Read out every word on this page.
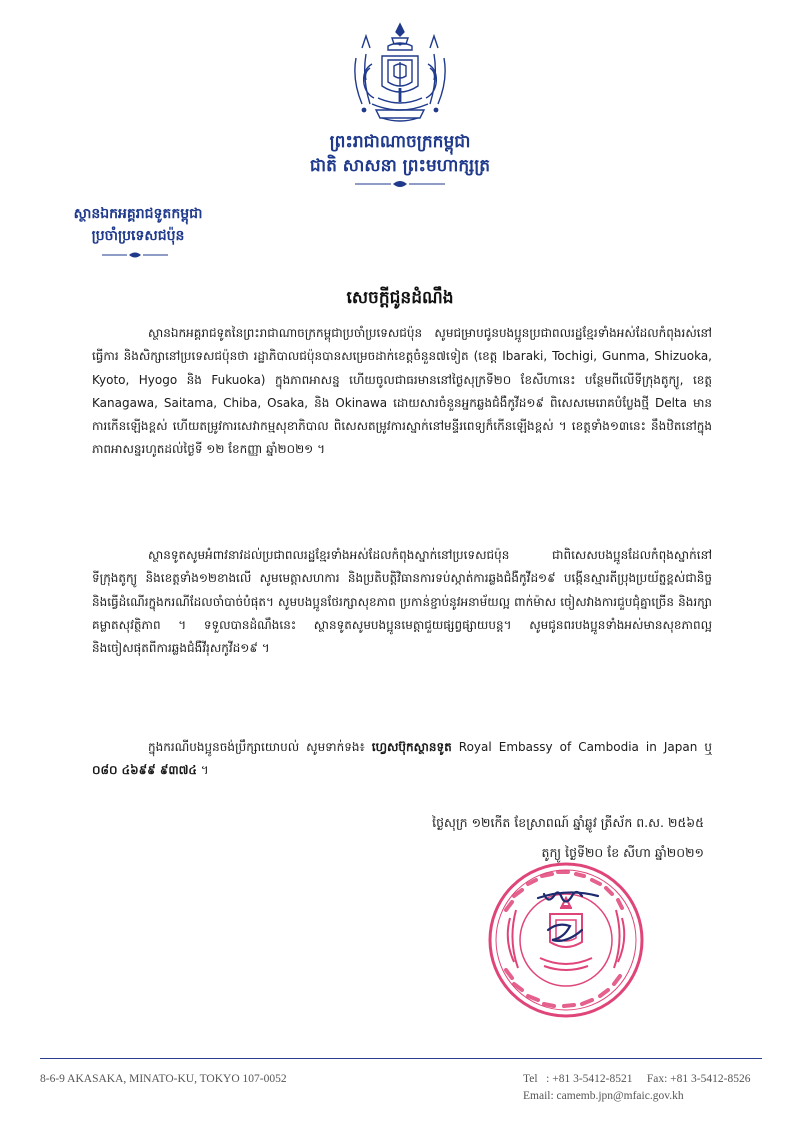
ព្រះរាជាណាចក្រកម្ពុជា
ជាតិ សាសនា ព្រះមហាក្សត្រ
ស្ថានឯកអគ្គរាជទូតកម្ពុជា
ប្រចាំប្រទេសជប៉ុន
សេចក្តីជូនដំណឹង

ស្ថានឯកអគ្គរាជទូតនៃព្រះរាជាណាចក្រកម្ពុជាប្រចាំប្រទេសជប៉ុន សូមជម្រាបជូនបងប្អូនប្រជាពលរដ្ឋខ្មែរទាំងអស់ដែលកំពុងរស់នៅ ធ្វើការ និងសិក្សានៅប្រទេសជប៉ុនថា រដ្ឋាភិបាលជប៉ុនបានសម្រេចដាក់ខេត្តចំនួន៧ទៀត (ខេត្ត Ibaraki, Tochigi, Gunma, Shizuoka, Kyoto, Hyogo និង Fukuoka) ក្នុងភាពអាសន្ន ហើយចូលជាធរមាននៅថ្ងៃសុក្រទី២០ ខែសីហានេះ បន្ថែមពីលើទីក្រុងតូក្យូ, ខេត្ត Kanagawa, Saitama, Chiba, Osaka, និង Okinawa ដោយសារចំនួនអ្នកឆ្លងជំងឺកូវីដ១៩ ពិសេសមេរោគបំប្លែងថ្មី Delta មានការកើនឡើងខ្ពស់ ហើយតម្រូវការសេវាកម្មសុខាភិបាល ពិសេសតម្រូវការស្នាក់នៅមន្ទីរពេទ្យក៏កើនឡើងខ្ពស់ ។ ខេត្តទាំង១៣នេះ នឹងឋិតនៅក្នុងភាពអាសន្នរហូតដល់ថ្ងៃទី ១២ ខែកញ្ញា ឆ្នាំ២០២១ ។

ស្ថានទូតសូមអំពាវនាវដល់ប្រជាពលរដ្ឋខ្មែរទាំងអស់ដែលកំពុងស្នាក់នៅប្រទេសជប៉ុន ជាពិសេសបងប្អូនដែលកំពុងស្នាក់នៅទីក្រុងតូក្យូ និងខេត្តទាំង១២ខាងលើ សូមមេត្តាសហការ និងប្រតិបត្តិវិធានការទប់ស្កាត់ការឆ្លងជំងឺកូវីដ១៩ បង្កើនស្មារតីប្រុងប្រយ័ត្នខ្ពស់ជានិច្ច និងធ្វើដំណើរក្នុងករណីដែលចាំបាច់បំផុត។ សូមបងប្អូនថែរក្សាសុខភាព ប្រកាន់ខ្ជាប់នូវអនាម័យល្អ ពាក់ម៉ាស ចៀសវាងការជួបជុំគ្នាច្រើន និងរក្សាគម្លាតសុវត្ថិភាព ។ ទទួលបានដំណឹងនេះ ស្ថានទូតសូមបងប្អូនមេត្តាជួយផ្សព្វផ្សាយបន្ត។ សូមជូនពរបងប្អូនទាំងអស់មានសុខភាពល្អ និងចៀសផុតពីការឆ្លងជំងឺវីរុសកូវីដ១៩ ។

ក្នុងករណីបងប្អូនចង់ប្រឹក្សាយោបល់ សូមទាក់ទង៖ ហ្វេសប៊ុកស្ថានទូត Royal Embassy of Cambodia in Japan ឬ ០៨០ ៤៦៩៩ ៩៣៧៤ ។

ថ្ងៃសុក្រ ១២កើត ខែស្រាពណ៍ ឆ្នាំឆ្លូវ ត្រីស័ក ព.ស. ២៥៦៥
តូក្យូ ថ្ងៃទី២០ ខែ សីហា ឆ្នាំ២០២១
8-6-9 AKASAKA, MINATO-KU, TOKYO 107-0052	Tel   : +81 3-5412-8521     Fax: +81 3-5412-8526
Email: camemb.jpn@mfaic.gov.kh
